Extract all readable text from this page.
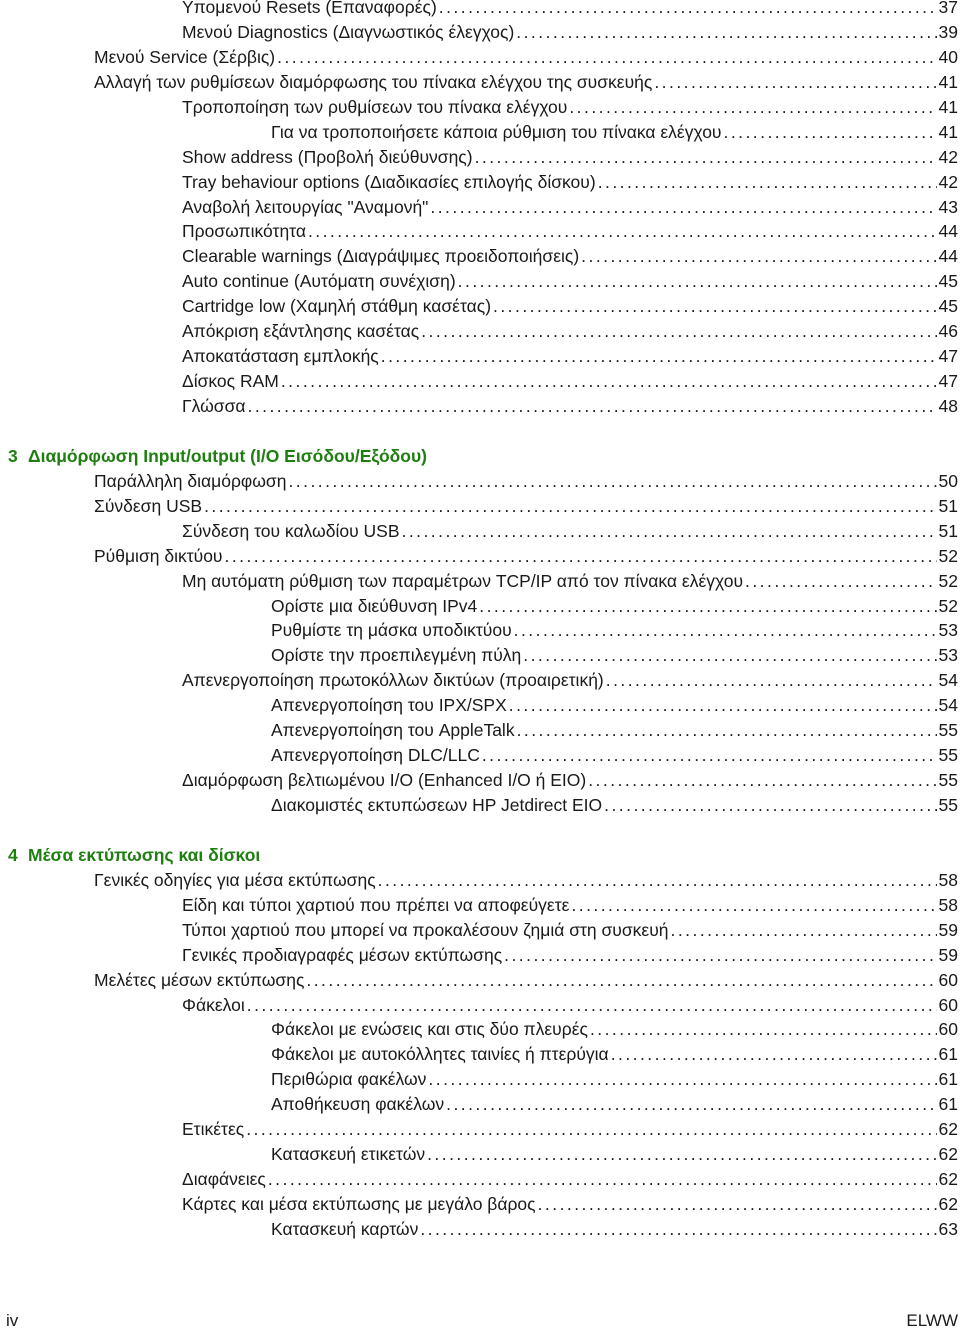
Υπομενού Resets (Επαναφορές) . . .	37
Μενού Diagnostics (Διαγνωστικός έλεγχος) . . .	39
Μενού Service (Σέρβις) . . .	40
Αλλαγή των ρυθμίσεων διαμόρφωσης του πίνακα ελέγχου της συσκευής . . .	41
Τροποποίηση των ρυθμίσεων του πίνακα ελέγχου . . .	41
Για να τροποποιήσετε κάποια ρύθμιση του πίνακα ελέγχου . . .	41
Show address (Προβολή διεύθυνσης) . . .	42
Tray behaviour options (Διαδικασίες επιλογής δίσκου) . . .	42
Αναβολή λειτουργίας "Αναμονή" . . .	43
Προσωπικότητα . . .	44
Clearable warnings (Διαγράψιμες προειδοποιήσεις) . . .	44
Auto continue (Αυτόματη συνέχιση) . . .	45
Cartridge low (Χαμηλή στάθμη κασέτας) . . .	45
Απόκριση εξάντλησης κασέτας . . .	46
Αποκατάσταση εμπλοκής . . .	47
Δίσκος RAM . . .	47
Γλώσσα . . .	48
3 Διαμόρφωση Input/output (I/O Εισόδου/Εξόδου)
Παράλληλη διαμόρφωση . . .	50
Σύνδεση USB . . .	51
Σύνδεση του καλωδίου USB . . .	51
Ρύθμιση δικτύου . . .	52
Μη αυτόματη ρύθμιση των παραμέτρων TCP/IP από τον πίνακα ελέγχου . . .	52
Ορίστε μια διεύθυνση IPv4 . . .	52
Ρυθμίστε τη μάσκα υποδικτύου . . .	53
Ορίστε την προεπιλεγμένη πύλη . . .	53
Απενεργοποίηση πρωτοκόλλων δικτύων (προαιρετική) . . .	54
Απενεργοποίηση του IPX/SPX . . .	54
Απενεργοποίηση του AppleTalk . . .	55
Απενεργοποίηση DLC/LLC . . .	55
Διαμόρφωση βελτιωμένου I/O (Enhanced I/O ή EIO) . . .	55
Διακομιστές εκτυπώσεων HP Jetdirect EIO . . .	55
4 Μέσα εκτύπωσης και δίσκοι
Γενικές οδηγίες για μέσα εκτύπωσης . . .	58
Είδη και τύποι χαρτιού που πρέπει να αποφεύγετε . . .	58
Τύποι χαρτιού που μπορεί να προκαλέσουν ζημιά στη συσκευή . . .	59
Γενικές προδιαγραφές μέσων εκτύπωσης . . .	59
Μελέτες μέσων εκτύπωσης . . .	60
Φάκελοι . . .	60
Φάκελοι με ενώσεις και στις δύο πλευρές . . .	60
Φάκελοι με αυτοκόλλητες ταινίες ή πτερύγια . . .	61
Περιθώρια φακέλων . . .	61
Αποθήκευση φακέλων . . .	61
Ετικέτες . . .	62
Κατασκευή ετικετών . . .	62
Διαφάνειες . . .	62
Κάρτες και μέσα εκτύπωσης με μεγάλο βάρος . . .	62
Κατασκευή καρτών . . .	63
iv	ELWW
